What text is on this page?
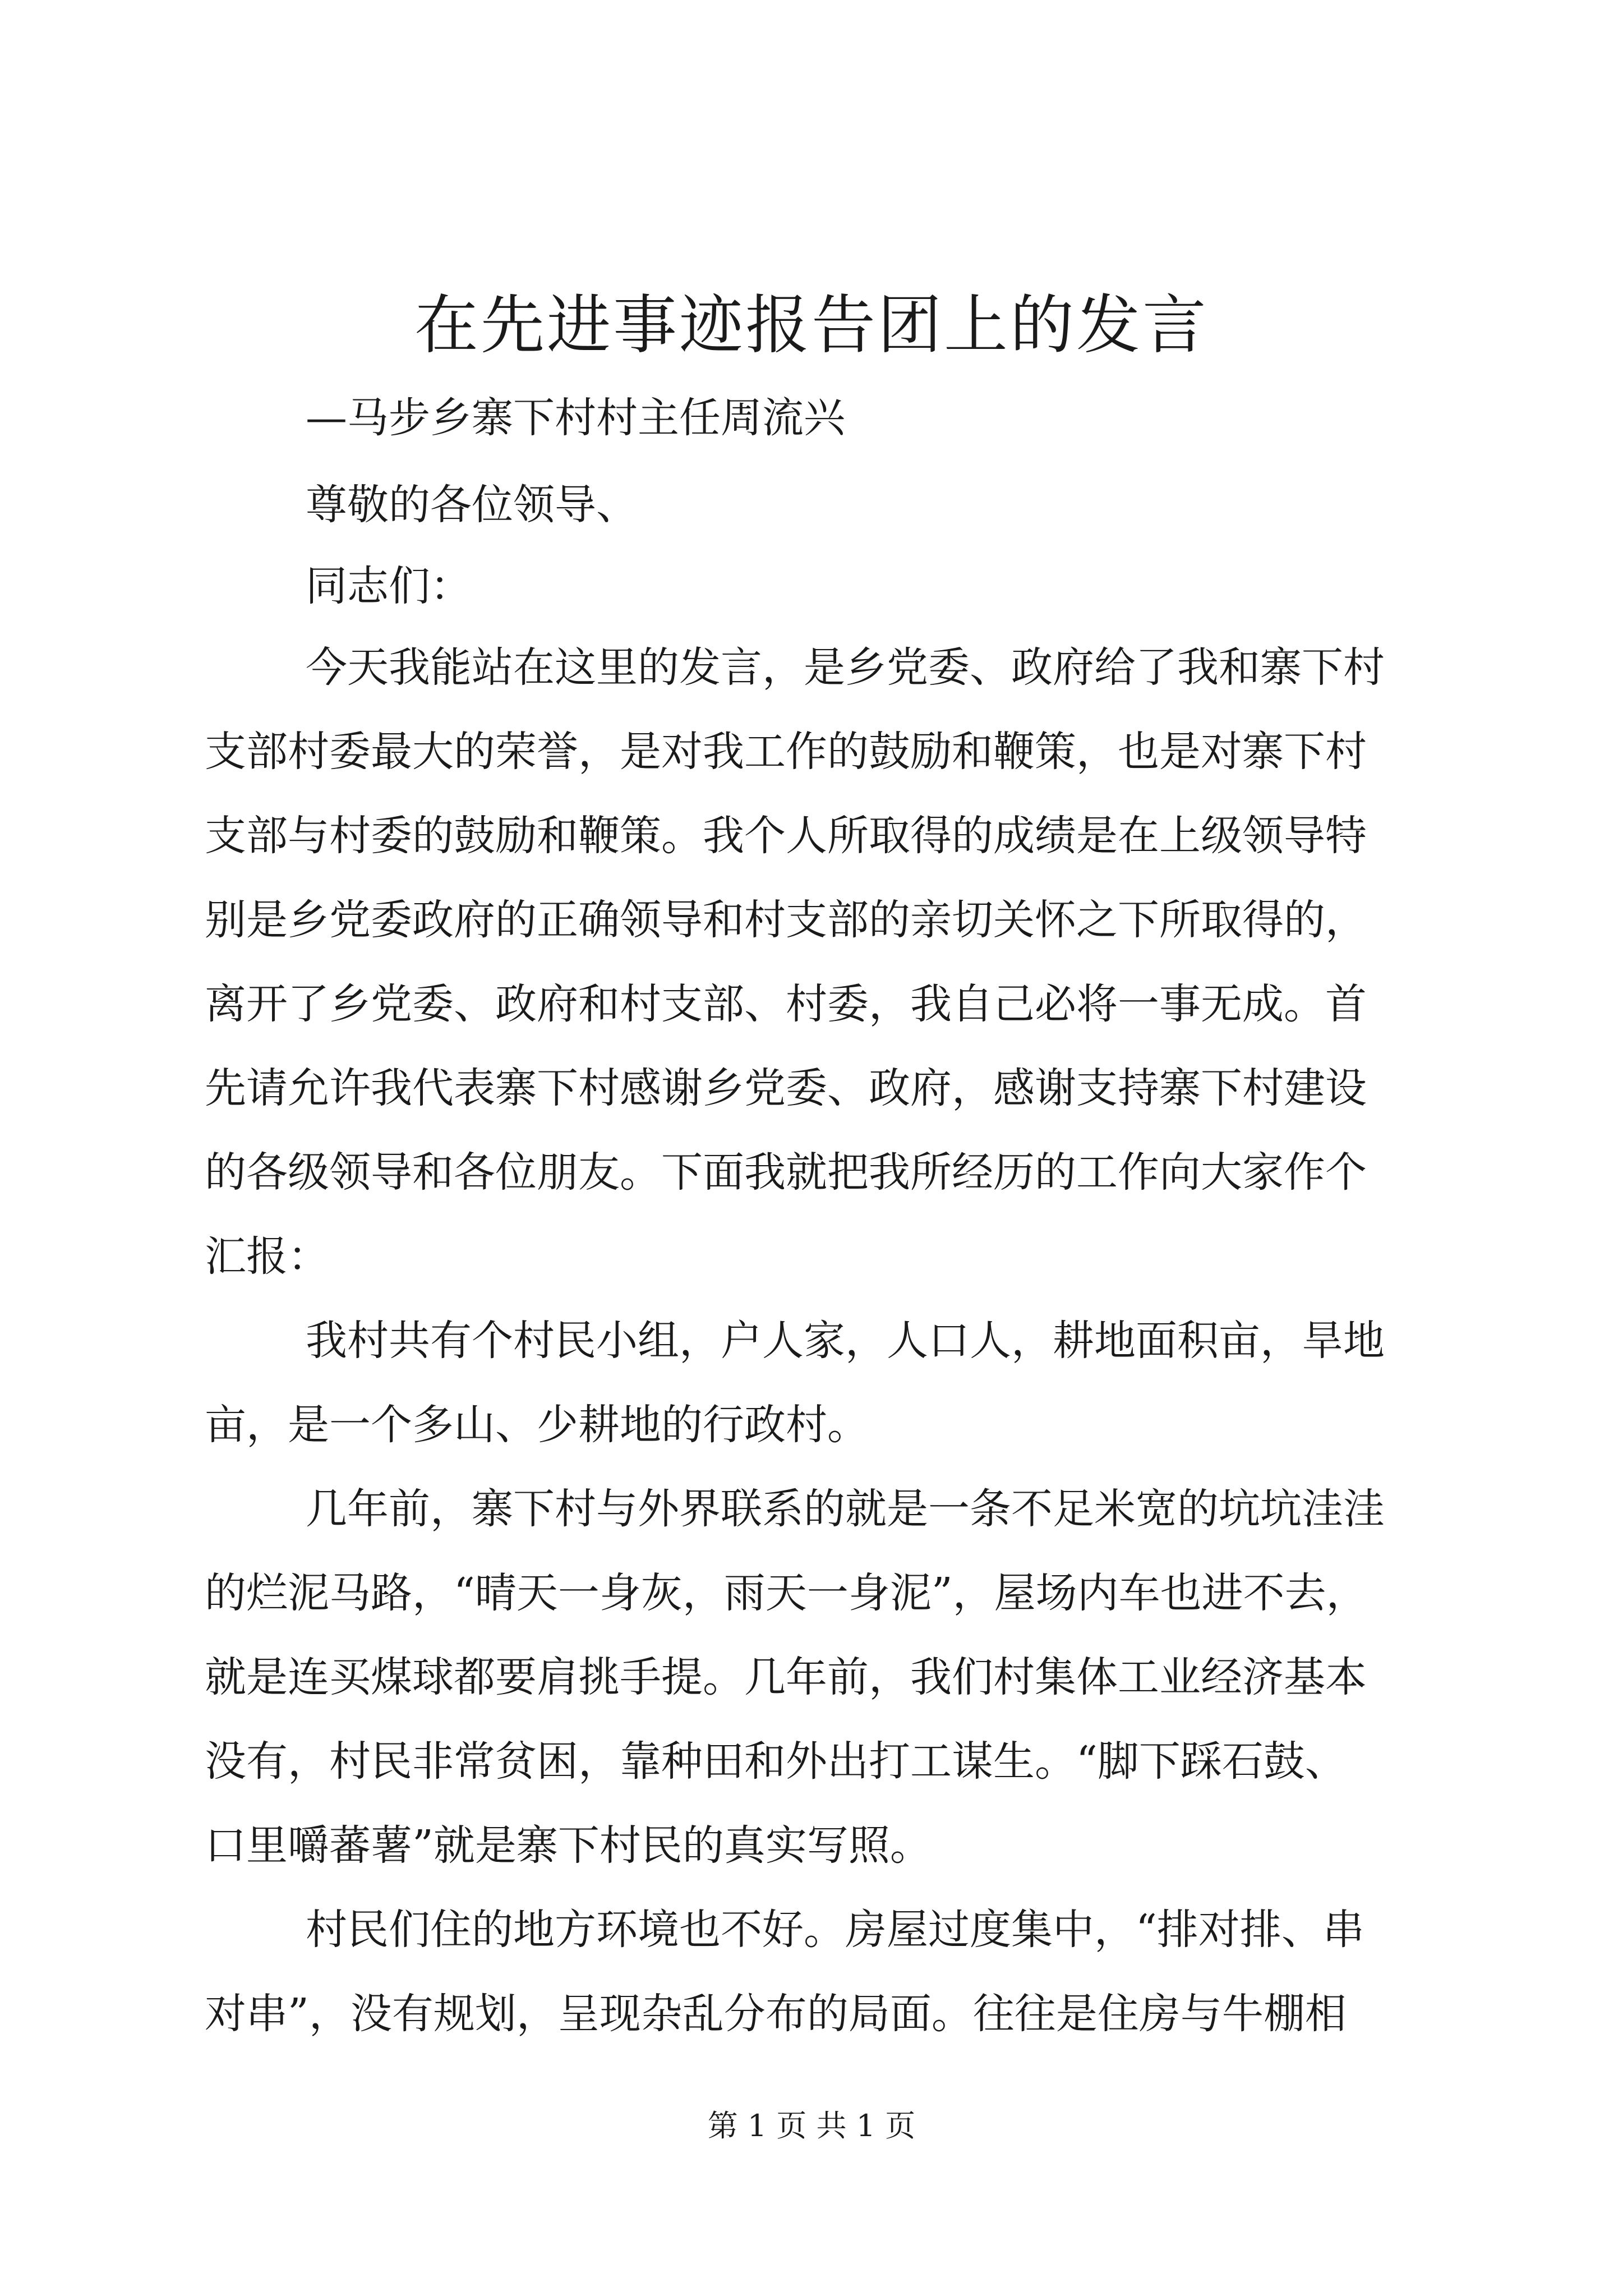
在先进事迹报告团上的发言

—马步乡寨下村村主任周流兴

尊敬的各位领导、

同志们：

今天我能站在这里的发言，是乡党委、政府给了我和寨下村

支部村委最大的荣誉，是对我工作的鼓励和鞭策，也是对寨下村

支部与村委的鼓励和鞭策。我个人所取得的成绩是在上级领导特

别是乡党委政府的正确领导和村支部的亲切关怀之下所取得的，

离开了乡党委、政府和村支部、村委，我自己必将一事无成。首

先请允许我代表寨下村感谢乡党委、政府，感谢支持寨下村建设

的各级领导和各位朋友。下面我就把我所经历的工作向大家作个

汇报：

我村共有个村民小组，户人家，人口人，耕地面积亩，旱地

亩，是一个多山、少耕地的行政村。

几年前，寨下村与外界联系的就是一条不足米宽的坑坑洼洼

的烂泥马路，“晴天一身灰，雨天一身泥”，屋场内车也进不去，

就是连买煤球都要肩挑手提。几年前，我们村集体工业经济基本

没有，村民非常贫困，靠种田和外出打工谋生。“脚下踩石鼓、

口里嚼蕃薯”就是寨下村民的真实写照。

村民们住的地方环境也不好。房屋过度集中，“排对排、串

对串”，没有规划，呈现杂乱分布的局面。往往是住房与牛棚相

第 1 页 共 1 页
